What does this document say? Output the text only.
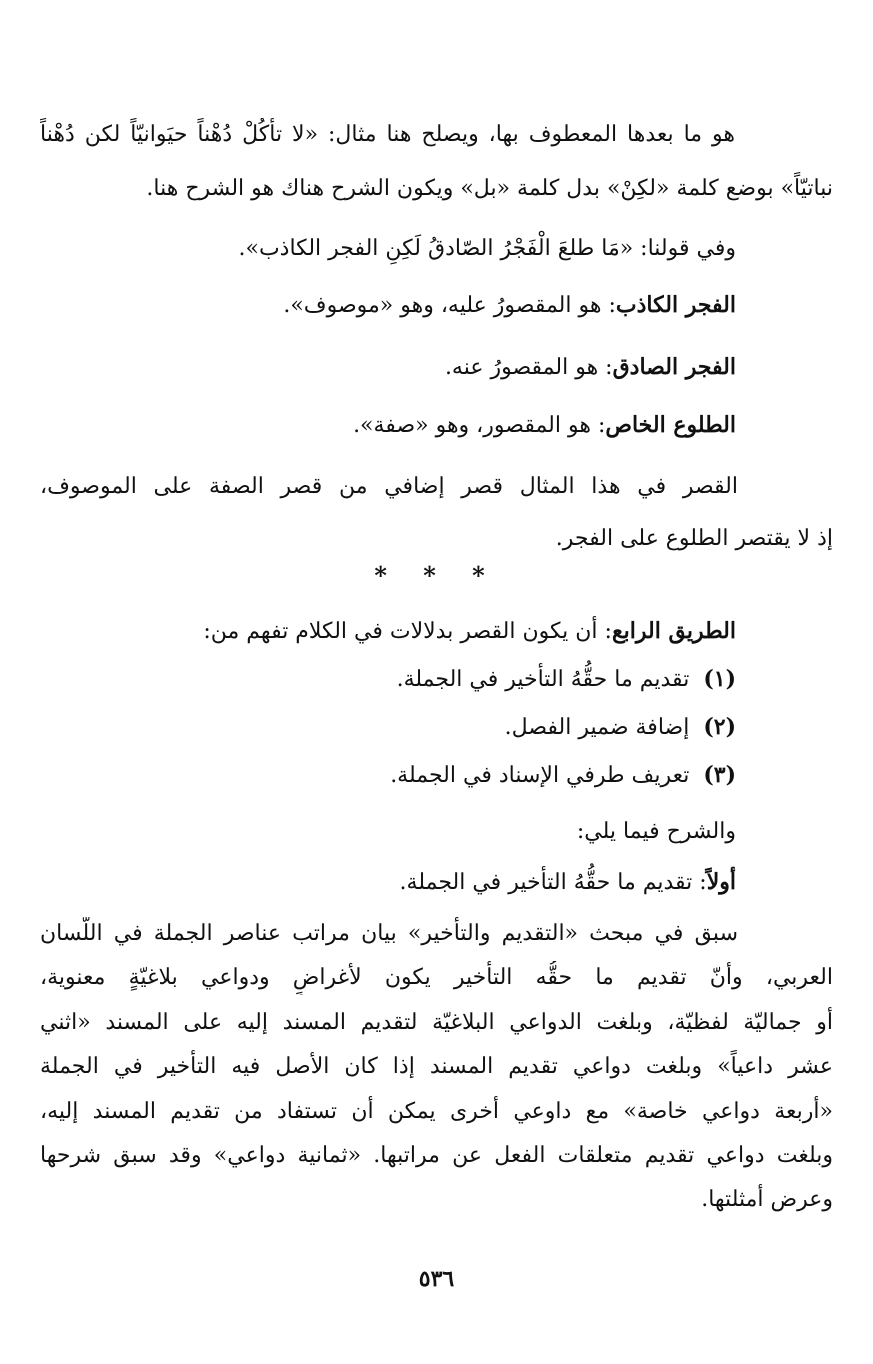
هو ما بعدها المعطوف بها، ويصلح هنا مثال: «لا تأكُلْ دُهْناً حيَوانيّاً لكن دُهْناً
نباتيّاً» بوضع كلمة «لكِنْ» بدل كلمة «بل» ويكون الشرح هناك هو الشرح هنا.
وفي قولنا: «مَا طلعَ الْفَجْرُ الصّادقُ لَكِنِ الفجر الكاذب».
الفجر الكاذب: هو المقصورُ عليه، وهو «موصوف».
الفجر الصادق: هو المقصورُ عنه.
الطلوع الخاص: هو المقصور، وهو «صفة».
القصر في هذا المثال قصر إضافي من قصر الصفة على الموصوف،
إذ لا يقتصر الطلوع على الفجر.
* * *
الطريق الرابع: أن يكون القصر بدلالات في الكلام تفهم من:
(١)  تقديم ما حقُّهُ التأخير في الجملة.
(٢)  إضافة ضمير الفصل.
(٣)  تعريف طرفي الإسناد في الجملة.
والشرح فيما يلي:
أولاً: تقديم ما حقُّهُ التأخير في الجملة.
سبق في مبحث «التقديم والتأخير» بيان مراتب عناصر الجملة في اللّسان
العربي، وأنّ تقديم ما حقُّه التأخير يكون لأغراضٍ ودواعي بلاغيّةٍ معنوية،
أو جماليّة لفظيّة، وبلغت الدواعي البلاغيّة لتقديم المسند إليه على المسند «اثني
عشر داعياً» وبلغت دواعي تقديم المسند إذا كان الأصل فيه التأخير في الجملة
«أربعة دواعي خاصة» مع داوعي أخرى يمكن أن تستفاد من تقديم المسند إليه،
وبلغت دواعي تقديم متعلقات الفعل عن مراتبها. «ثمانية دواعي» وقد سبق شرحها
وعرض أمثلتها.
٥٣٦
